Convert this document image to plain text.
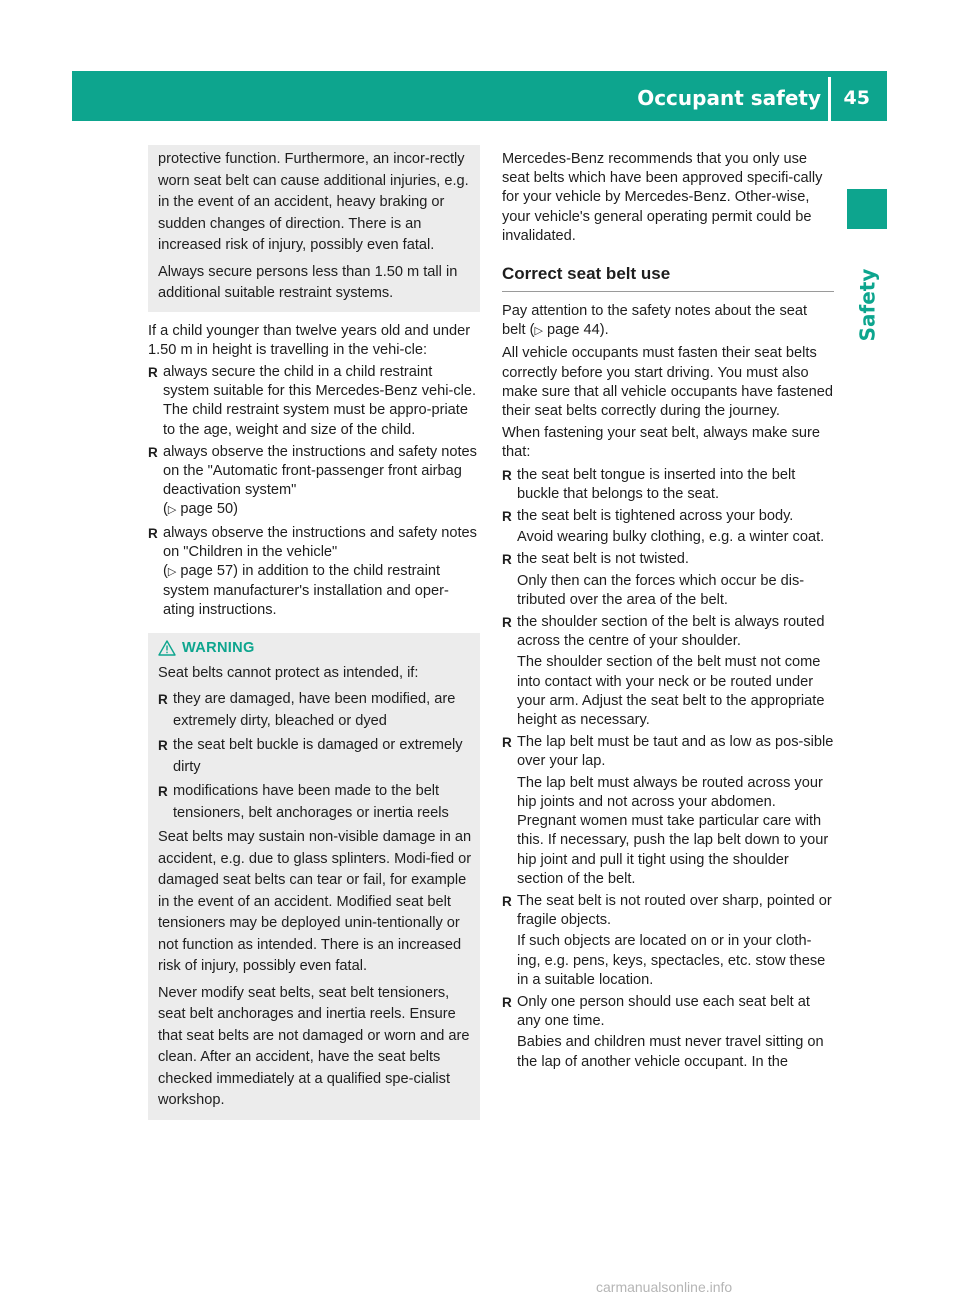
Occupant safety 45
Safety

protective function. Furthermore, an incor-rectly worn seat belt can cause additional injuries, e.g. in the event of an accident, heavy braking or sudden changes of direction. There is an increased risk of injury, possibly even fatal.

Always secure persons less than 1.50 m tall in additional suitable restraint systems.

If a child younger than twelve years old and under 1.50 m in height is travelling in the vehi-cle:

R always secure the child in a child restraint system suitable for this Mercedes-Benz vehi-cle. The child restraint system must be appro-priate to the age, weight and size of the child.
R always observe the instructions and safety notes on the "Automatic front-passenger front airbag deactivation system"
(▷ page 50)
R always observe the instructions and safety notes on "Children in the vehicle"
(▷ page 57) in addition to the child restraint system manufacturer's installation and oper-ating instructions.
WARNING

Seat belts cannot protect as intended, if:

R they are damaged, have been modified, are extremely dirty, bleached or dyed
R the seat belt buckle is damaged or extremely dirty
R modifications have been made to the belt tensioners, belt anchorages or inertia reels

Seat belts may sustain non-visible damage in an accident, e.g. due to glass splinters. Modi-fied or damaged seat belts can tear or fail, for example in the event of an accident. Modified seat belt tensioners may be deployed unin-tentionally or not function as intended. There is an increased risk of injury, possibly even fatal.

Never modify seat belts, seat belt tensioners, seat belt anchorages and inertia reels. Ensure that seat belts are not damaged or worn and are clean. After an accident, have the seat belts checked immediately at a qualified spe-cialist workshop.

Mercedes-Benz recommends that you only use seat belts which have been approved specifi-cally for your vehicle by Mercedes-Benz. Other-wise, your vehicle's general operating permit could be invalidated.

Correct seat belt use

Pay attention to the safety notes about the seat belt (▷ page 44).

All vehicle occupants must fasten their seat belts correctly before you start driving. You must also make sure that all vehicle occupants have fastened their seat belts correctly during the journey.

When fastening your seat belt, always make sure that:

R the seat belt tongue is inserted into the belt buckle that belongs to the seat.

R the seat belt is tightened across your body.

Avoid wearing bulky clothing, e.g. a winter coat.

R the seat belt is not twisted.

Only then can the forces which occur be dis-tributed over the area of the belt.

R the shoulder section of the belt is always routed across the centre of your shoulder.

The shoulder section of the belt must not come into contact with your neck or be routed under your arm. Adjust the seat belt to the appropriate height as necessary.

R The lap belt must be taut and as low as pos-sible over your lap.

The lap belt must always be routed across your hip joints and not across your abdomen. Pregnant women must take particular care with this. If necessary, push the lap belt down to your hip joint and pull it tight using the shoulder section of the belt.

R The seat belt is not routed over sharp, pointed or fragile objects.

If such objects are located on or in your cloth-ing, e.g. pens, keys, spectacles, etc. stow these in a suitable location.

R Only one person should use each seat belt at any one time.

Babies and children must never travel sitting on the lap of another vehicle occupant. In the

carmanualsonline.info
